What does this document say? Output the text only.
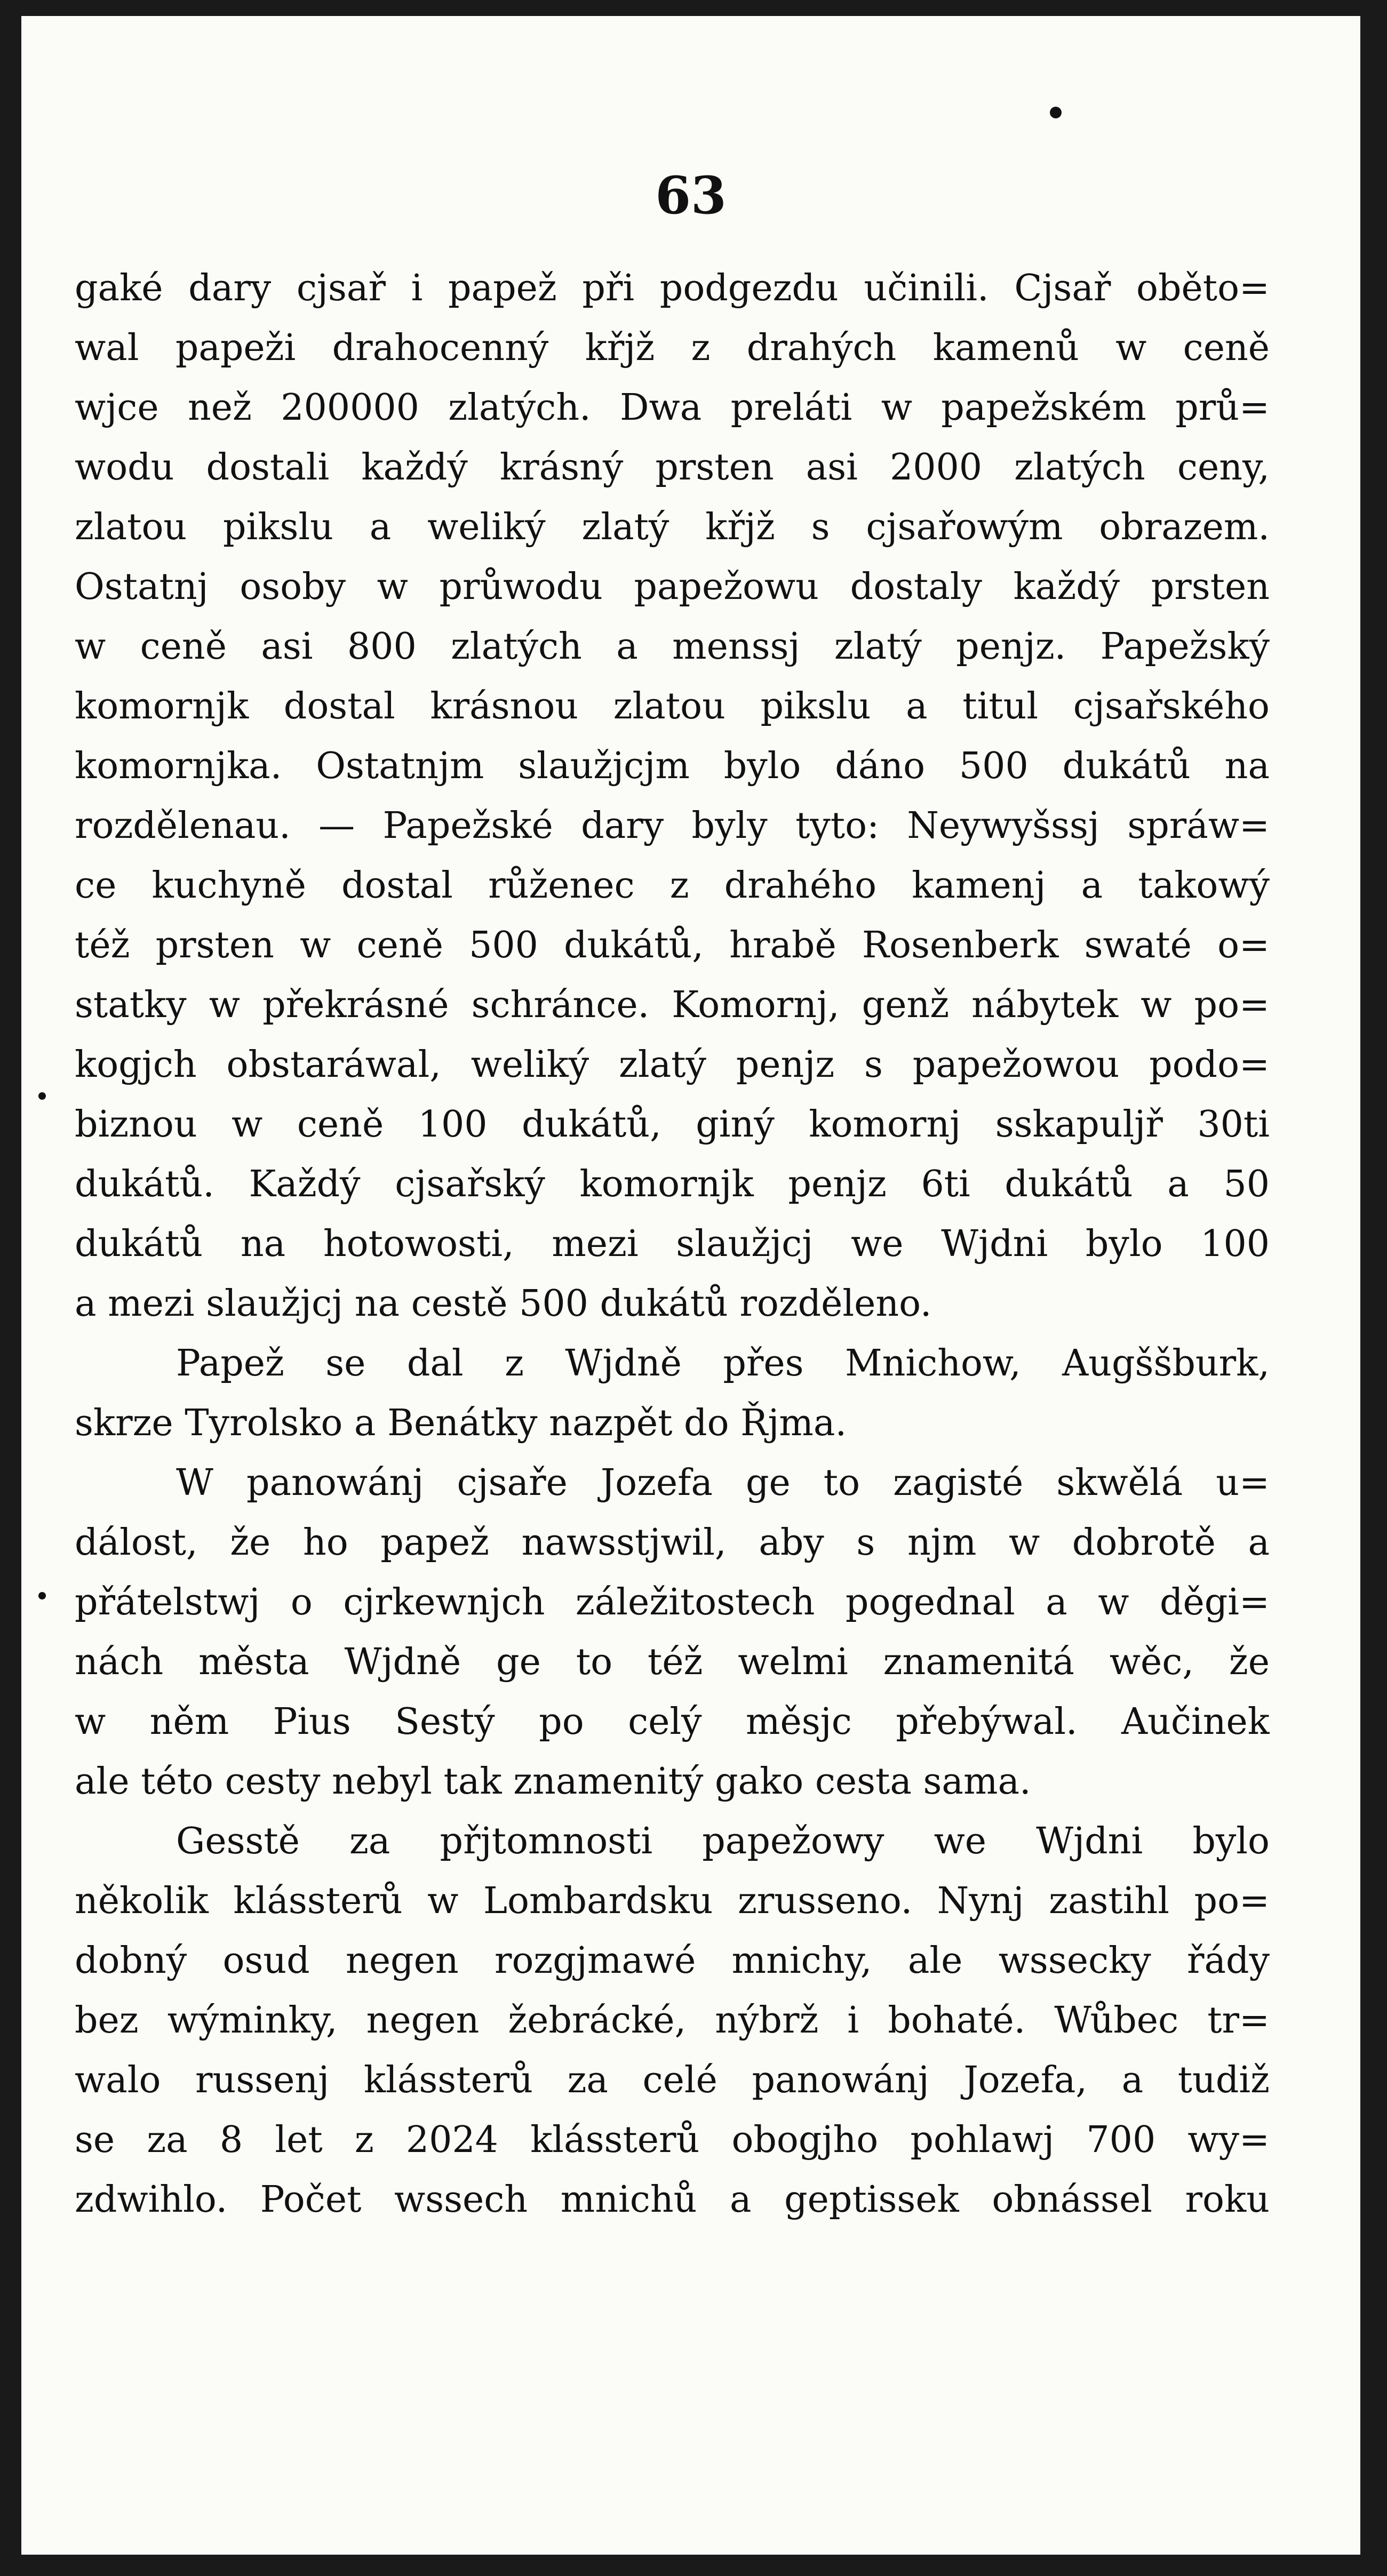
63
gaké dary cjsař i papež při podgezdu učinili. Cjsař oběto=
wal papeži drahocenný křjž z drahých kamenů w ceně
wjce než 200000 zlatých. Dwa preláti w papežském prů=
wodu dostali každý krásný prsten asi 2000 zlatých ceny,
zlatou pikslu a weliký zlatý křjž s cjsařowým obrazem.
Ostatnj osoby w průwodu papežowu dostaly každý prsten
w ceně asi 800 zlatých a menssj zlatý penjz. Papežský
komornjk dostal krásnou zlatou pikslu a titul cjsařského
komornjka. Ostatnjm slaužjcjm bylo dáno 500 dukátů na
rozdělenau. — Papežské dary byly tyto: Neywyšssj spráw=
ce kuchyně dostal růženec z drahého kamenj a takowý
též prsten w ceně 500 dukátů, hrabě Rosenberk swaté o=
statky w překrásné schránce. Komornj, genž nábytek w po=
kogjch obstaráwal, weliký zlatý penjz s papežowou podo=
biznou w ceně 100 dukátů, giný komornj sskapuljř 30ti
dukátů. Každý cjsařský komornjk penjz 6ti dukátů a 50
dukátů na hotowosti, mezi slaužjcj we Wjdni bylo 100
a mezi slaužjcj na cestě 500 dukátů rozděleno.
Papež se dal z Wjdně přes Mnichow, Augššburk,
skrze Tyrolsko a Benátky nazpět do Řjma.
W panowánj cjsaře Jozefa ge to zagisté skwělá u=
dálost, že ho papež nawsstjwil, aby s njm w dobrotě a
přátelstwj o cjrkewnjch záležitostech pogednal a w děgi=
nách města Wjdně ge to též welmi znamenitá wěc, že
w něm Pius Sestý po celý měsjc přebýwal. Aučinek
ale této cesty nebyl tak znamenitý gako cesta sama.
Gesstě za přjtomnosti papežowy we Wjdni bylo
několik klássterů w Lombardsku zrusseno. Nynj zastihl po=
dobný osud negen rozgjmawé mnichy, ale wssecky řády
bez wýminky, negen žebrácké, nýbrž i bohaté. Wůbec tr=
walo russenj klássterů za celé panowánj Jozefa, a tudiž
se za 8 let z 2024 klássterů obogjho pohlawj 700 wy=
zdwihlo. Počet wssech mnichů a geptissek obnássel roku
